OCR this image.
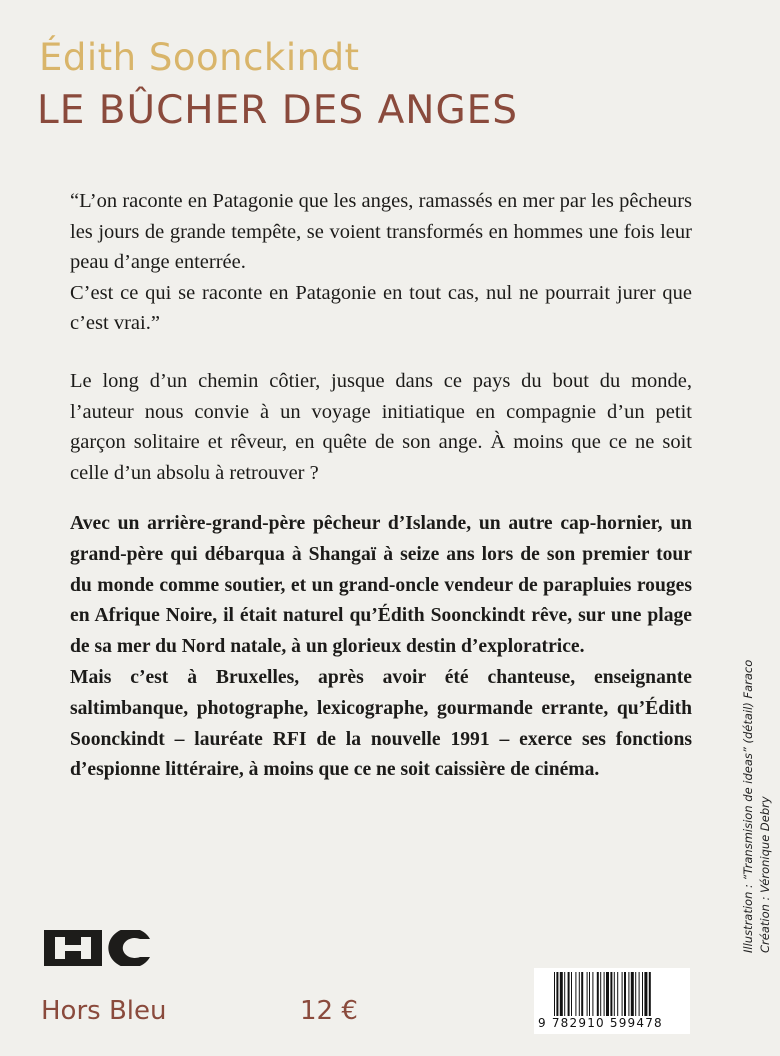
Édith Soonckindt
LE BÛCHER DES ANGES

“L’on raconte en Patagonie que les anges, ramassés en mer par les pêcheurs les jours de grande tempête, se voient transformés en hommes une fois leur peau d’ange enterrée.

C’est ce qui se raconte en Patagonie en tout cas, nul ne pourrait jurer que c’est vrai.”

Le long d’un chemin côtier, jusque dans ce pays du bout du monde, l’auteur nous convie à un voyage initiatique en compagnie d’un petit garçon solitaire et rêveur, en quête de son ange. À moins que ce ne soit celle d’un absolu à retrouver ?

Avec un arrière-grand-père pêcheur d’Islande, un autre cap-hornier, un grand-père qui débarqua à Shangaï à seize ans lors de son premier tour du monde comme soutier, et un grand-oncle vendeur de parapluies rouges en Afrique Noire, il était naturel qu’Édith Soonckindt rêve, sur une plage de sa mer du Nord natale, à un glorieux destin d’exploratrice.

Mais c’est à Bruxelles, après avoir été chanteuse, enseignante saltimbanque, photographe, lexicographe, gourmande errante, qu’Édith Soonckindt – lauréate RFI de la nouvelle 1991 – exerce ses fonctions d’espionne littéraire, à moins que ce ne soit caissière de cinéma.	Illustration : “Transmision de ideas” (détail) Faraco Création : Véronique Debry
Hors Bleu	12 €	9 782910 599478
